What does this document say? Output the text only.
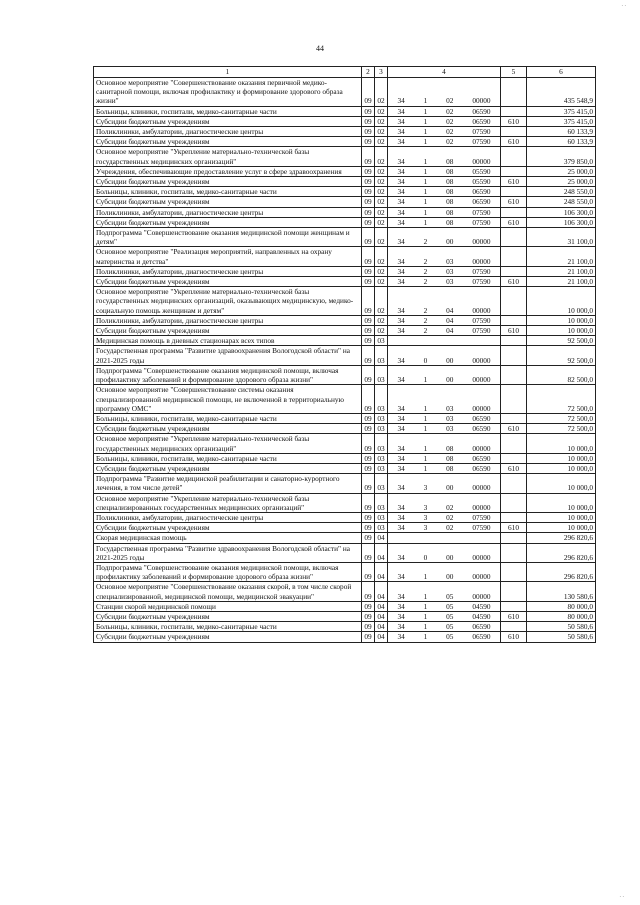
. .
44
1	2	3	4	5	6
Основное мероприятие "Совершенствование оказания первичной медико-санитарной помощи, включая профилактику и формирование здорового образа жизни"	09	02	34 1 02 00000		435 548,9
Больницы, клиники, госпитали, медико-санитарные части	09	02	34 1 02 06590		375 415,0
Субсидии бюджетным учреждениям	09	02	34 1 02 06590	610	375 415,0
Поликлиники, амбулатории, диагностические центры	09	02	34 1 02 07590		60 133,9
Субсидии бюджетным учреждениям	09	02	34 1 02 07590	610	60 133,9
Основное мероприятие "Укрепление материально-технической базы государственных медицинских организаций"	09	02	34 1 08 00000		379 850,0
Учреждения, обеспечивающие предоставление услуг в сфере здравоохранения	09	02	34 1 08 05590		25 000,0
Субсидии бюджетным учреждениям	09	02	34 1 08 05590	610	25 000,0
Больницы, клиники, госпитали, медико-санитарные части	09	02	34 1 08 06590		248 550,0
Субсидии бюджетным учреждениям	09	02	34 1 08 06590	610	248 550,0
Поликлиники, амбулатории, диагностические центры	09	02	34 1 08 07590		106 300,0
Субсидии бюджетным учреждениям	09	02	34 1 08 07590	610	106 300,0
Подпрограмма "Совершенствование оказания медицинской помощи женщинам и детям"	09	02	34 2 00 00000		31 100,0
Основное мероприятие "Реализация мероприятий, направленных на охрану материнства и детства"	09	02	34 2 03 00000		21 100,0
Поликлиники, амбулатории, диагностические центры	09	02	34 2 03 07590		21 100,0
Субсидии бюджетным учреждениям	09	02	34 2 03 07590	610	21 100,0
Основное мероприятие "Укрепление материально-технической базы государственных медицинских организаций, оказывающих медицинскую, медико-социальную помощь женщинам и детям"	09	02	34 2 04 00000		10 000,0
Поликлиники, амбулатории, диагностические центры	09	02	34 2 04 07590		10 000,0
Субсидии бюджетным учреждениям	09	02	34 2 04 07590	610	10 000,0
Медицинская помощь в дневных стационарах всех типов	09	03			92 500,0
Государственная программа "Развитие здравоохранения Вологодской области" на 2021-2025 годы	09	03	34 0 00 00000		92 500,0
Подпрограмма "Совершенствование оказания медицинской помощи, включая профилактику заболеваний и формирование здорового образа жизни"	09	03	34 1 00 00000		82 500,0
Основное мероприятие "Совершенствование системы оказания специализированной медицинской помощи, не включенной в территориальную программу ОМС"	09	03	34 1 03 00000		72 500,0
Больницы, клиники, госпитали, медико-санитарные части	09	03	34 1 03 06590		72 500,0
Субсидии бюджетным учреждениям	09	03	34 1 03 06590	610	72 500,0
Основное мероприятие "Укрепление материально-технической базы государственных медицинских организаций"	09	03	34 1 08 00000		10 000,0
Больницы, клиники, госпитали, медико-санитарные части	09	03	34 1 08 06590		10 000,0
Субсидии бюджетным учреждениям	09	03	34 1 08 06590	610	10 000,0
Подпрограмма "Развитие медицинской реабилитации и санаторно-курортного лечения, в том числе детей"	09	03	34 3 00 00000		10 000,0
Основное мероприятие "Укрепление материально-технической базы специализированных государственных медицинских организаций"	09	03	34 3 02 00000		10 000,0
Поликлиники, амбулатории, диагностические центры	09	03	34 3 02 07590		10 000,0
Субсидии бюджетным учреждениям	09	03	34 3 02 07590	610	10 000,0
Скорая медицинская помощь	09	04			296 820,6
Государственная программа "Развитие здравоохранения Вологодской области" на 2021-2025 годы	09	04	34 0 00 00000		296 820,6
Подпрограмма "Совершенствование оказания медицинской помощи, включая профилактику заболеваний и формирование здорового образа жизни"	09	04	34 1 00 00000		296 820,6
Основное мероприятие "Совершенствование оказания скорой, в том числе скорой специализированной, медицинской помощи, медицинской эвакуации"	09	04	34 1 05 00000		130 580,6
Станции скорой медицинской помощи	09	04	34 1 05 04590		80 000,0
Субсидии бюджетным учреждениям	09	04	34 1 05 04590	610	80 000,0
Больницы, клиники, госпитали, медико-санитарные части	09	04	34 1 05 06590		50 580,6
Субсидии бюджетным учреждениям	09	04	34 1 05 06590	610	50 580,6
. .
